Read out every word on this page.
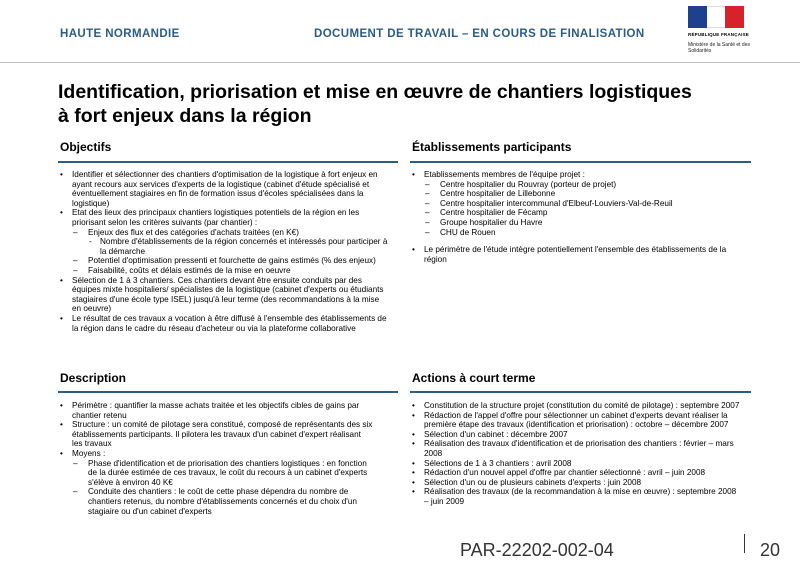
HAUTE NORMANDIE	DOCUMENT DE TRAVAIL – EN COURS DE FINALISATION	RÉPUBLIQUE FRANÇAISE
Ministère de la Santé et des Solidarités
Identification, priorisation et mise en œuvre de chantiers logistiques à fort enjeux dans la région
Objectifs
• Identifier et sélectionner des chantiers d'optimisation de la logistique à fort enjeux en ayant recours aux services d'experts de la logistique (cabinet d'étude spécialisé et éventuellement stagiaires en fin de formation issus d'écoles spécialisées dans la logistique)
• Etat des lieux des principaux chantiers logistiques potentiels de la région en les priorisant selon les critères suivants (par chantier) :
– Enjeux des flux et des catégories d'achats traitées (en K€)
- Nombre d'établissements de la région concernés et intéressés pour participer à la démarche
– Potentiel d'optimisation pressenti et fourchette de gains estimés (% des enjeux)
– Faisabilité, coûts et délais estimés de la mise en oeuvre
• Sélection de 1 à 3 chantiers. Ces chantiers devant être ensuite conduits par des équipes mixte hospitaliers/ spécialistes de la logistique (cabinet d'experts ou étudiants stagiaires d'une école type ISEL) jusqu'à leur terme (des recommandations à la mise en oeuvre)
• Le résultat de ces travaux a vocation à être diffusé à l'ensemble des établissements de la région dans le cadre du réseau d'acheteur ou via la plateforme collaborative
Établissements participants
• Etablissements membres de l'équipe projet :
– Centre hospitalier du Rouvray (porteur de projet)
– Centre hospitalier de Lillebonne
– Centre hospitalier intercommunal d'Elbeuf-Louviers-Val-de-Reuil
– Centre hospitalier de Fécamp
– Groupe hospitalier du Havre
– CHU de Rouen
• Le périmètre de l'étude intègre potentiellement l'ensemble des établissements de la région
Description
• Périmètre : quantifier la masse achats traitée et les objectifs cibles de gains par chantier retenu
• Structure : un comité de pilotage sera constitué, composé de représentants des six établissements participants. Il pilotera les travaux d'un cabinet d'expert réalisant les travaux
• Moyens :
– Phase d'identification et de priorisation des chantiers logistiques : en fonction de la durée estimée de ces travaux, le coût du recours à un cabinet d'experts s'élève à environ 40 K€
– Conduite des chantiers : le coût de cette phase dépendra du nombre de chantiers retenus, du nombre d'établissements concernés et du choix d'un stagiaire ou d'un cabinet d'experts
Actions à court terme
• Constitution de la structure projet (constitution du comité de pilotage) : septembre 2007
• Rédaction de l'appel d'offre pour sélectionner un cabinet d'experts devant réaliser la première étape des travaux (identification et priorisation) : octobre – décembre 2007
• Sélection d'un cabinet : décembre 2007
• Réalisation des travaux d'identification et de priorisation des chantiers : février – mars 2008
• Sélections de 1 à 3 chantiers : avril 2008
• Rédaction d'un nouvel appel d'offre par chantier sélectionné : avril – juin 2008
• Sélection d'un ou de plusieurs cabinets d'experts : juin 2008
• Réalisation des travaux (de la recommandation à la mise en œuvre) : septembre 2008 – juin 2009
PAR-22202-002-04	20
